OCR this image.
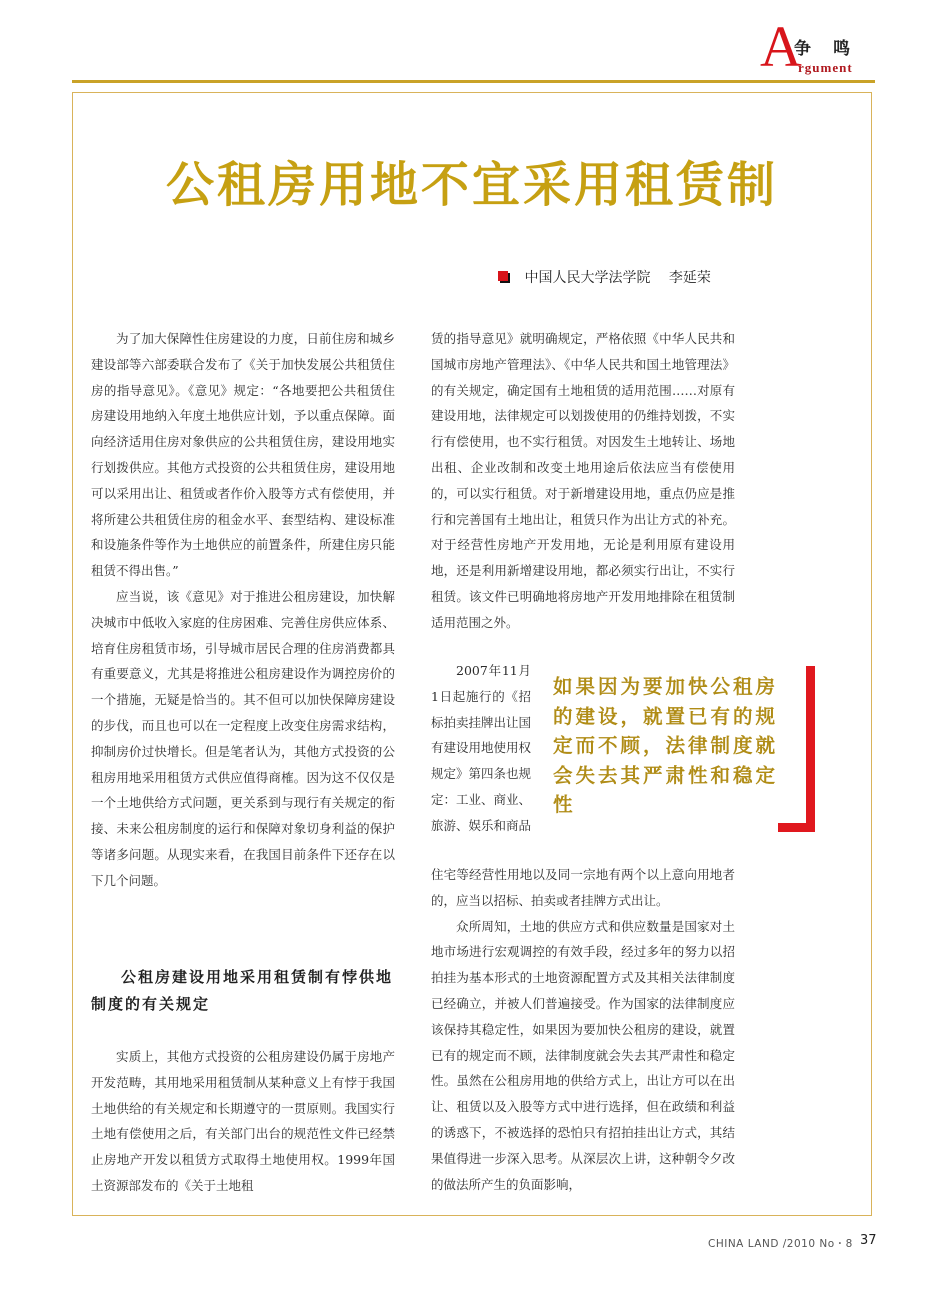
A
争鸣
rgument
公租房用地不宜采用租赁制
中国人民大学法学院 李延荣

为了加大保障性住房建设的力度，日前住房和城乡建设部等六部委联合发布了《关于加快发展公共租赁住房的指导意见》。《意见》规定：“各地要把公共租赁住房建设用地纳入年度土地供应计划，予以重点保障。面向经济适用住房对象供应的公共租赁住房，建设用地实行划拨供应。其他方式投资的公共租赁住房，建设用地可以采用出让、租赁或者作价入股等方式有偿使用，并将所建公共租赁住房的租金水平、套型结构、建设标准和设施条件等作为土地供应的前置条件，所建住房只能租赁不得出售。”

应当说，该《意见》对于推进公租房建设，加快解决城市中低收入家庭的住房困难、完善住房供应体系、培育住房租赁市场，引导城市居民合理的住房消费都具有重要意义，尤其是将推进公租房建设作为调控房价的一个措施，无疑是恰当的。其不但可以加快保障房建设的步伐，而且也可以在一定程度上改变住房需求结构，抑制房价过快增长。但是笔者认为，其他方式投资的公租房用地采用租赁方式供应值得商榷。因为这不仅仅是一个土地供给方式问题，更关系到与现行有关规定的衔接、未来公租房制度的运行和保障对象切身利益的保护等诸多问题。从现实来看，在我国目前条件下还存在以下几个问题。

公租房建设用地采用租赁制有悖供地制度的有关规定

实质上，其他方式投资的公租房建设仍属于房地产开发范畴，其用地采用租赁制从某种意义上有悖于我国土地供给的有关规定和长期遵守的一贯原则。我国实行土地有偿使用之后，有关部门出台的规范性文件已经禁止房地产开发以租赁方式取得土地使用权。1999年国土资源部发布的《关于土地租

赁的指导意见》就明确规定，严格依照《中华人民共和国城市房地产管理法》、《中华人民共和国土地管理法》的有关规定，确定国有土地租赁的适用范围……对原有建设用地，法律规定可以划拨使用的仍维持划拨，不实行有偿使用，也不实行租赁。对因发生土地转让、场地出租、企业改制和改变土地用途后依法应当有偿使用的，可以实行租赁。对于新增建设用地，重点仍应是推行和完善国有土地出让，租赁只作为出让方式的补充。对于经营性房地产开发用地，无论是利用原有建设用地，还是利用新增建设用地，都必须实行出让，不实行租赁。该文件已明确地将房地产开发用地排除在租赁制适用范围之外。

2007年11月1日起施行的《招标拍卖挂牌出让国有建设用地使用权规定》第四条也规定：工业、商业、旅游、娱乐和商品

如果因为要加快公租房的建设，就置已有的规定而不顾，法律制度就会失去其严肃性和稳定性

住宅等经营性用地以及同一宗地有两个以上意向用地者的，应当以招标、拍卖或者挂牌方式出让。

众所周知，土地的供应方式和供应数量是国家对土地市场进行宏观调控的有效手段，经过多年的努力以招拍挂为基本形式的土地资源配置方式及其相关法律制度已经确立，并被人们普遍接受。作为国家的法律制度应该保持其稳定性，如果因为要加快公租房的建设，就置已有的规定而不顾，法律制度就会失去其严肃性和稳定性。虽然在公租房用地的供给方式上，出让方可以在出让、租赁以及入股等方式中进行选择，但在政绩和利益的诱惑下，不被选择的恐怕只有招拍挂出让方式，其结果值得进一步深入思考。从深层次上讲，这种朝令夕改的做法所产生的负面影响，

CHINA LAND /2010 No・8 37
